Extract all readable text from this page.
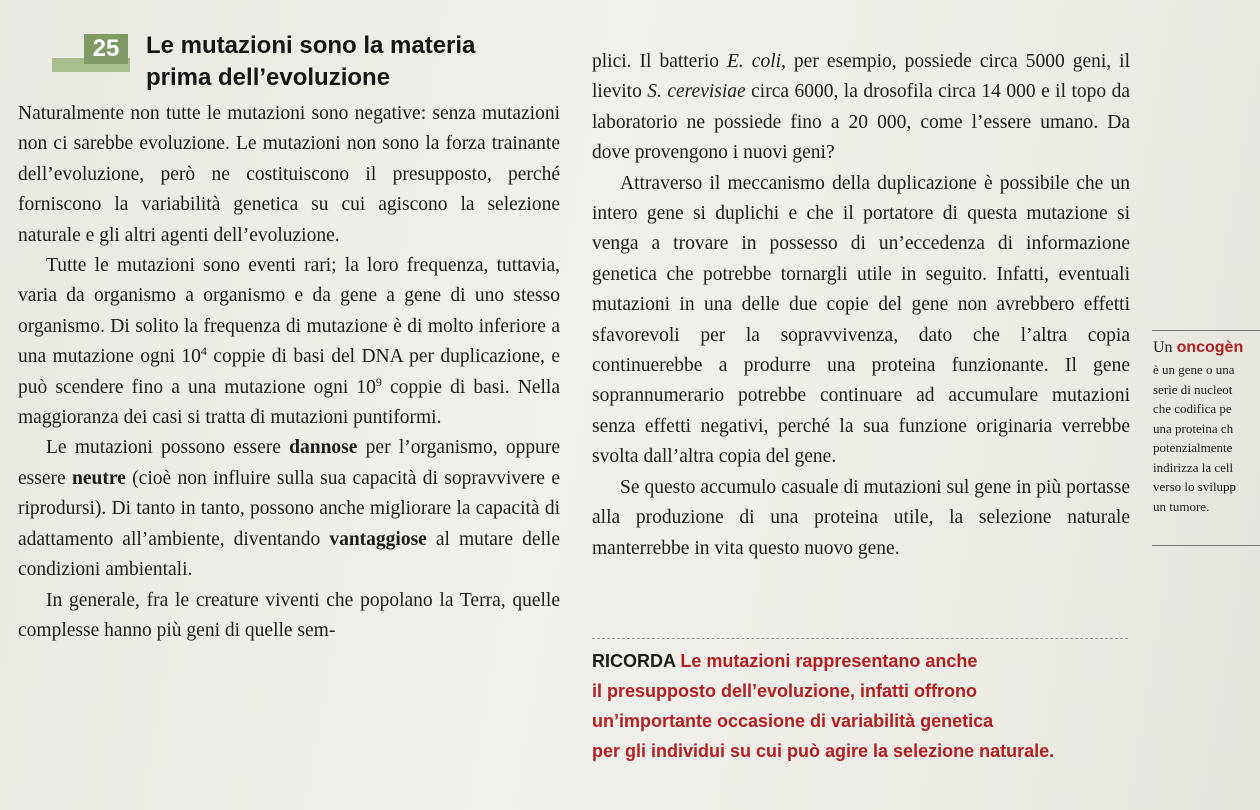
25	Le mutazioni sono la materia
prima dell’evoluzione

Naturalmente non tutte le mutazioni sono negative: senza mutazioni non ci sarebbe evoluzione. Le mutazioni non sono la forza trainante dell’evoluzione, però ne costituiscono il presupposto, perché forniscono la variabilità genetica su cui agiscono la selezione naturale e gli altri agenti dell’evoluzione.

Tutte le mutazioni sono eventi rari; la loro frequenza, tuttavia, varia da organismo a organismo e da gene a gene di uno stesso organismo. Di solito la frequenza di mutazione è di molto inferiore a una mutazione ogni $10^4$ coppie di basi del DNA per duplicazione, e può scendere fino a una mutazione ogni $10^9$ coppie di basi. Nella maggioranza dei casi si tratta di mutazioni puntiformi.

Le mutazioni possono essere dannose per l’organismo, oppure essere neutre (cioè non influire sulla sua capacità di sopravvivere e riprodursi). Di tanto in tanto, possono anche migliorare la capacità di adattamento all’ambiente, diventando vantaggiose al mutare delle condizioni ambientali.

In generale, fra le creature viventi che popolano la Terra, quelle complesse hanno più geni di quelle sem-

plici. Il batterio E. coli, per esempio, possiede circa 5000 geni, il lievito S. cerevisiae circa 6000, la drosofila circa 14 000 e il topo da laboratorio ne possiede fino a 20 000, come l’essere umano. Da dove provengono i nuovi geni?

Attraverso il meccanismo della duplicazione è possibile che un intero gene si duplichi e che il portatore di questa mutazione si venga a trovare in possesso di un’eccedenza di informazione genetica che potrebbe tornargli utile in seguito. Infatti, eventuali mutazioni in una delle due copie del gene non avrebbero effetti sfavorevoli per la sopravvivenza, dato che l’altra copia continuerebbe a produrre una proteina funzionante. Il gene soprannumerario potrebbe continuare ad accumulare mutazioni senza effetti negativi, perché la sua funzione originaria verrebbe svolta dall’altra copia del gene.

Se questo accumulo casuale di mutazioni sul gene in più portasse alla produzione di una proteina utile, la selezione naturale manterrebbe in vita questo nuovo gene.

RICORDA Le mutazioni rappresentano anche

il presupposto dell’evoluzione, infatti offrono

un’importante occasione di variabilità genetica

per gli individui su cui può agire la selezione naturale.

Un oncogèn
è un gene o una
serie di nucleot
che codifica pe
una proteina ch
potenzialmente
indirizza la cell
verso lo svilupp
un tumore.
